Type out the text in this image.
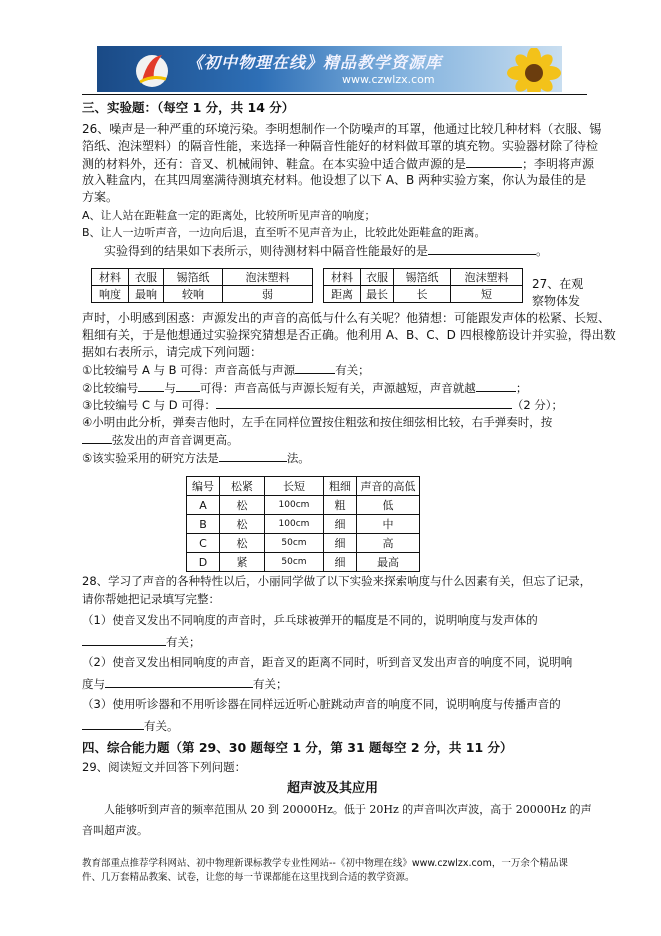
《初中物理在线》精品教学资源库
www.czwlzx.com
三、实验题：（每空 1 分，共 14 分）
26、噪声是一种严重的环境污染。李明想制作一个防噪声的耳罩，他通过比较几种材料（衣服、锡
箔纸、泡沫塑料）的隔音性能，来选择一种隔音性能好的材料做耳罩的填充物。实验器材除了待检
测的材料外，还有：音叉、机械闹钟、鞋盒。在本实验中适合做声源的是	；李明将声源
放入鞋盒内，在其四周塞满待测填充材料。他设想了以下 A、B 两种实验方案，你认为最佳的是
方案。
A、让人站在距鞋盒一定的距离处，比较所听见声音的响度；
B、让人一边听声音，一边向后退，直至听不见声音为止，比较此处距鞋盒的距离。
实验得到的结果如下表所示，则待测材料中隔音性能最好的是	。
材料	衣服	锡箔纸	泡沫塑料
响度	最响	较响	弱
材料	衣服	锡箔纸	泡沫塑料
距离	最长	长	短
27、在观
察物体发
声时，小明感到困惑：声源发出的声音的高低与什么有关呢？他猜想：可能跟发声体的松紧、长短、
粗细有关，于是他想通过实验探究猜想是否正确。他利用 A、B、C、D 四根橡筋设计并实验，得出数
据如右表所示，请完成下列问题：
①比较编号 A 与 B 可得：声音高低与声源	有关；
②比较编号 与 可得：声音高低与声源长短有关，声源越短，声音就越	；
③比较编号 C 与 D 可得：	（2 分）；
④小明由此分析，弹奏吉他时，左手在同样位置按住粗弦和按住细弦相比较，右手弹奏时，按
弦发出的声音音调更高。
⑤该实验采用的研究方法是	法。
编号	松紧	长短	粗细	声音的高低
A	松	100cm	粗	低
B	松	100cm	细	中
C	松	50cm	细	高
D	紧	50cm	细	最高
28、学习了声音的各种特性以后，小丽同学做了以下实验来探索响度与什么因素有关，但忘了记录，
请你帮她把记录填写完整：
（1）使音叉发出不同响度的声音时，乒乓球被弹开的幅度是不同的，说明响度与发声体的
有关；
（2）使音叉发出相同响度的声音，距音叉的距离不同时，听到音叉发出声音的响度不同，说明响
度与	有关；
（3）使用听诊器和不用听诊器在同样远近听心脏跳动声音的响度不同，说明响度与传播声音的
有关。
四、综合能力题（第 29、30 题每空 1 分，第 31 题每空 2 分，共 11 分）
29、阅读短文并回答下列问题：
超声波及其应用
人能够听到声音的频率范围从 20 到 20000Hz。低于 20Hz 的声音叫次声波，高于 20000Hz 的声
音叫超声波。
教育部重点推荐学科网站、初中物理新课标教学专业性网站--《初中物理在线》www.czwlzx.com，一万余个精品课
件、几万套精品教案、试卷，让您的每一节课都能在这里找到合适的教学资源。
